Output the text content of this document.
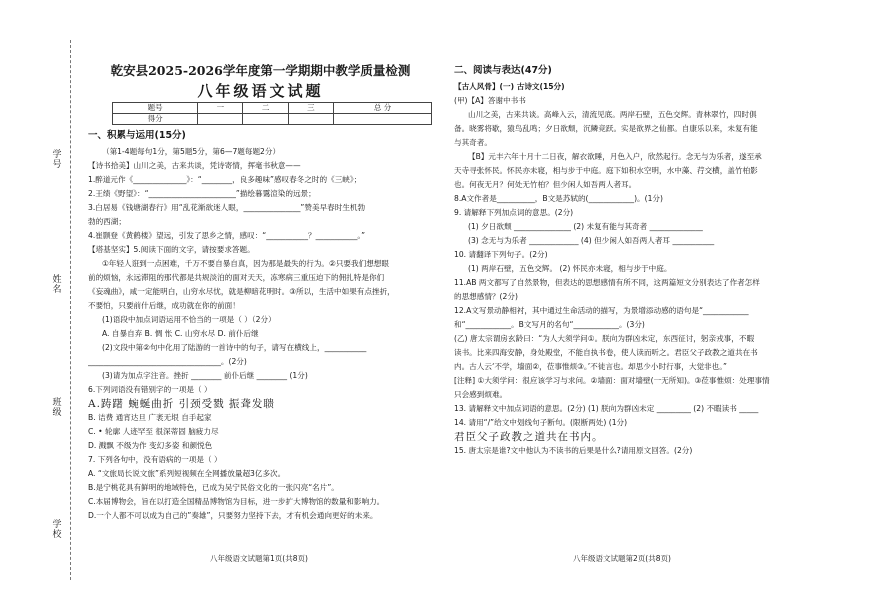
学号
姓名
班级
学校
乾安县2025-2026学年度第一学期期中教学质量检测
八年级语文试题
题号	一	二	三	总 分
得分				
一、积累与运用(15分)
（第1-4题每句1分，第5题5分，第6—7题每题2分）
【诗书拾美】山川之美，古来共谈，凭诗寄情，挥毫书秋意——
1.醉道元作《______________》：“________，良多趣味”感叹春冬之时的《三峡》；
2.王绩《野望》：“_______________________”描绘暮霭渲染的远景；
3.白居易《钱塘湖春行》用“乱花渐欲迷人眼，_______________”赞美早春时生机勃
勃的西湖；
4.崔颢登《黄鹤楼》望远，引发了思乡之情，感叹：“___________？___________。”
【塔基坚实】5.阅读下面的文字，请按要求答题。
①年轻人诳到一点困难，千万不要自暴自真，因为那是最失的行为。②只要我们想想眼
前的烦恼，永远滞阻的那代都是共规淡泊的面对天天，冻寒病三重压迫下的佣扎特是你们
《妄魂曲》，咸一定能明白，山穷水尽忧，就是柳暗花明时。③所以，生活中如果有点挫折，
不要怕，只要前什后继，成功就在你的前面！
(1)语段中加点词语运用不恰当的一项是（ ）（2分）
A. 自暴自弃 B. 惆 怅 C. 山穷水尽 D. 前仆后继
(2)文段中第②句中化用了陆游的一首诗中的句子，请写在横线上，___________
___________________________________。(2分)
(3)请为加点字注音。挫折 ________ 前仆后继 ________ (1分)
6.下列词语没有错别字的一项是（ ）
A.踌躇 蜿蜒曲折 引颈受戮 振聋发聩
B. 诘费 通宵达旦 广袤无垠 自手起家
C. • 轮廓 人迹罕至 很深蒂固 脑疲力尽
D. 溅飘 不级为作 变幻多姿 和颜悦色
7. 下列各句中，没有语病的一项是（ ）
A. “文旅局长说文旅”系列短视频在全网播放量超3亿多次。
B.是宁桃花具有鲜明的地域特色，已成为吴宁民俗文化的一张闪亮“名片”。
C.本届博物会，旨在以打造全国精品博物馆为目标，进一步扩大博物馆的数量和影响力。
D.一个人都不可以成为自己的”奏雄”，只要努力坚持下去，才有机会通向更好的未来。
二、阅读与表达(47分)
【古人风骨】(一) 古诗文(15分)
(甲)【A】答谢中书书
山川之美，古来共谈。高峰入云，清流见底。两岸石壁，五色交辉。青林翠竹，四时俱
备。晓雾将歇，猿鸟乱鸣；夕日欲颓，沉鳞竞跃。实是欲界之仙都。自康乐以来，未复有能
与其奇者。
【B】元丰六年十月十二日夜，解衣欲睡，月色入户，欣然起行。念无与为乐者，遂至承
天寺寻张怀民。怀民亦未寝，相与步于中庭。庭下如积水空明，水中藻、荇交横，盖竹柏影
也。何夜无月？何处无竹柏？但少闲人如吾两人者耳。
8.A文作者是__________，B文是苏轼的(____________)。(1分)
9. 请解释下列加点词的意思。(2分)
(1) 夕日欲颓 _______________ (2) 未复有能与其奇者 ______________
(3) 念无与为乐者 _____________ (4) 但少闲人如吾两人者耳 ___________
10. 请翻译下列句子。(2分)
(1) 两岸石壁，五色交辉。 (2) 怀民亦未寝，相与步于中庭。
11.AB 两文都写了自然景物，但表达的思想感情有所不同，这两篇短文分别表达了作者怎样
的思想感情？(2分)
12.A文写景动静相衬，其中通过生命活动的描写，为景增添动感的语句是“____________
和“____________。B文写月的名句“____________。(3分)
(乙) 唐太宗谓房玄龄曰：“为人大须学问①。朕向为群凶未定，东西征讨，躬亲戎事，不暇
读书。比来四海安静，身处殿堂，不能自执书卷，使人读而听之。君臣父子政教之道共在书
内。古人云‘不学，墙面②，莅事惟烦③。’不徒言也。却思少小时行事，大觉非也。”
[注释] ①大须学问：很应该学习与求问。②墙面：面对墙壁(一无所知)。③莅事惟烦：处理事情
只会感到烦难。
13. 请解释文中加点词语的意思。(2分) (1) 朕向为群凶未定 _________ (2) 不暇读书 _____
14. 请用“/”给文中划线句子断句。(限断两处) (1分)
君臣父子政教之道共在书内。
15. 唐太宗是谁?文中他认为不读书的后果是什么?请用原文回答。(2分)
八年级语文试题第1页(共8页)	八年级语文试题第2页(共8页)
